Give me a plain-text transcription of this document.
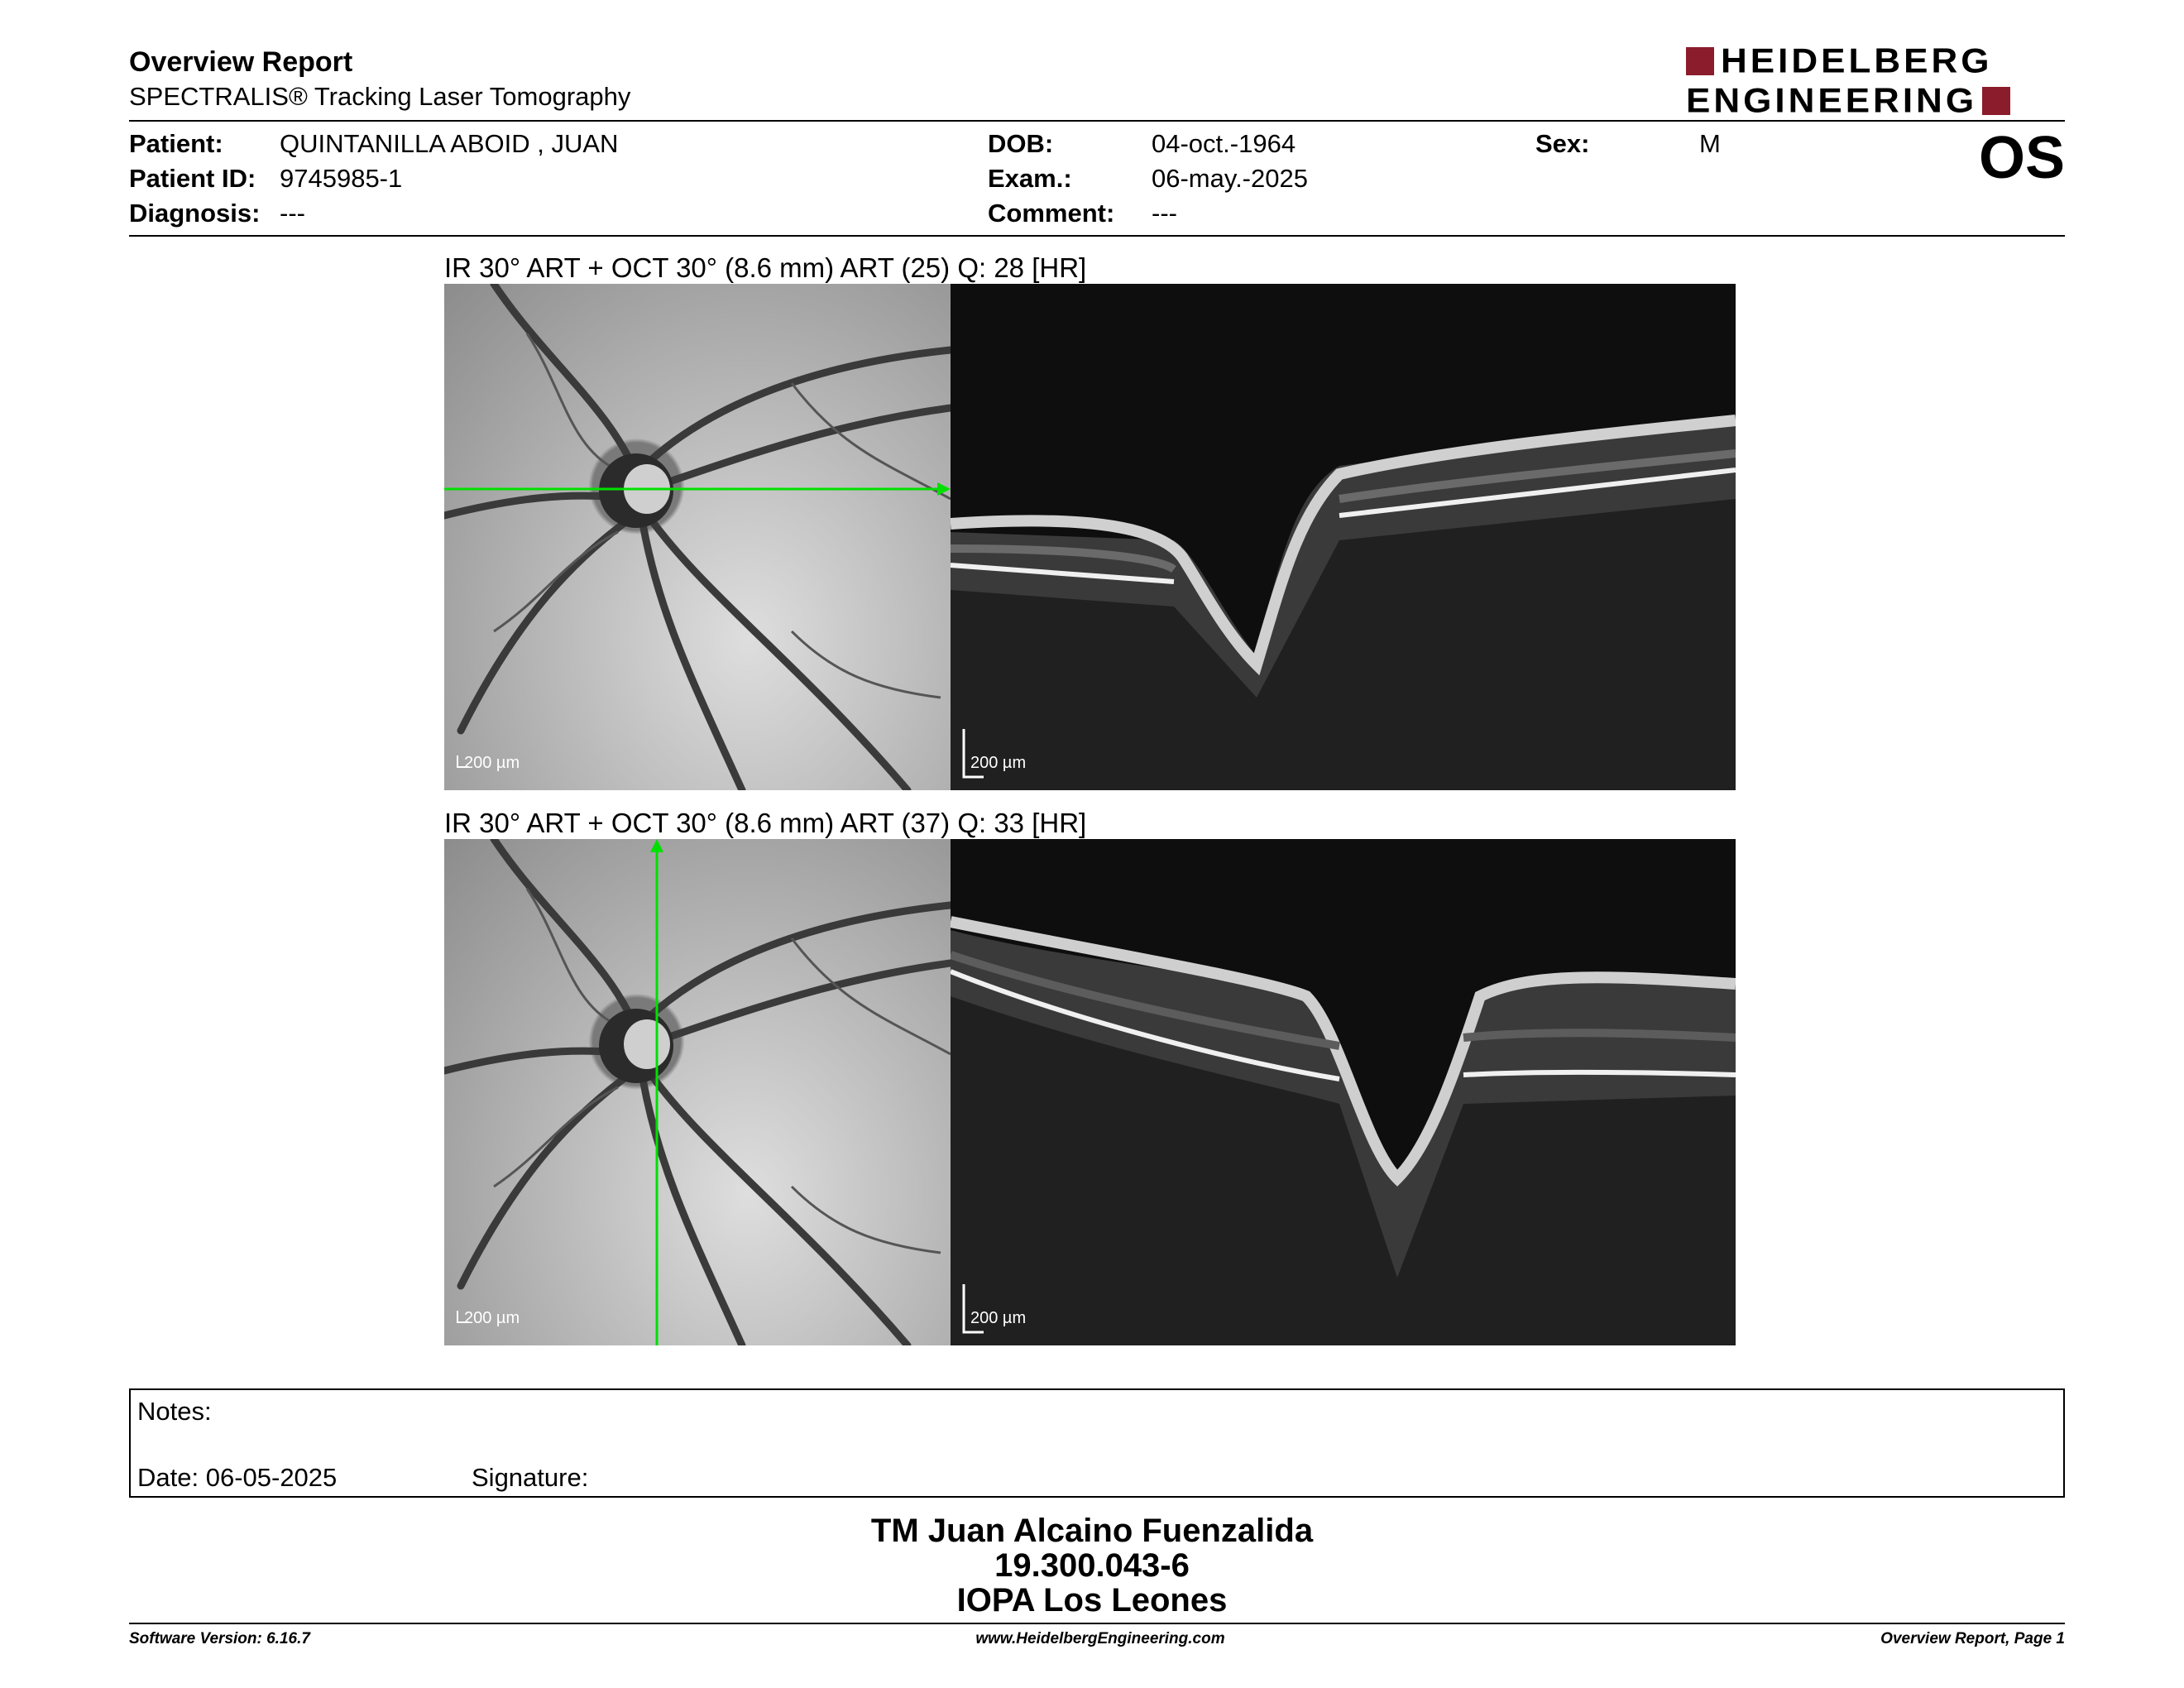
Overview Report
SPECTRALIS® Tracking Laser Tomography
HEIDELBERG
ENGINEERING
Patient: QUINTANILLA ABOID , JUAN
Patient ID: 9745985-1
Diagnosis: ---
DOB:	04-oct.-1964
Exam.:	06-may.-2025
Comment: ---
Sex:	M	OS
IR 30° ART + OCT 30° (8.6 mm) ART (25) Q: 28 [HR]
200 µm	200 µm
IR 30° ART + OCT 30° (8.6 mm) ART (37) Q: 33 [HR]
200 µm	200 µm
Notes:
Date: 06-05-2025	Signature:
TM Juan Alcaino Fuenzalida
19.300.043-6
IOPA Los Leones
Software Version: 6.16.7	www.HeidelbergEngineering.com	Overview Report, Page 1
